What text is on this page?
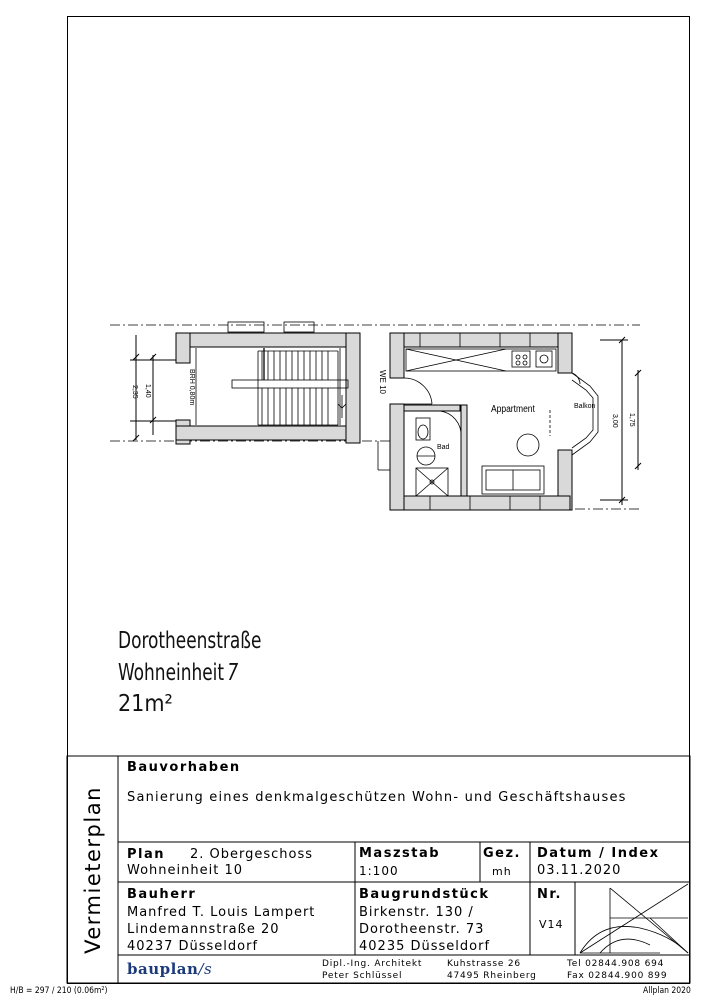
Appartment	Balkon
Bad
WE 10
BRH 0,80m
2,35 1,40
3,00 1,75
Dorotheenstraße
Wohneinheit 7
21m²
Vermieterplan
Bauvorhaben
Sanierung eines denkmalgeschützen Wohn- und Geschäftshauses
Plan 2. Obergeschoss
Wohneinheit 10
Maszstab
1:100
Gez.
mh
Datum / Index
03.11.2020
Bauherr
Manfred T. Louis Lampert
Lindemannstraße 20
40237 Düsseldorf
Baugrundstück
Birkenstr. 130 /
Dorotheenstr. 73
40235 Düsseldorf
Nr.
V14
bauplan/s	Dipl.-Ing. Architekt
Peter Schlüssel
Kuhstrasse 26
47495 Rheinberg
Tel 02844.908 694
Fax 02844.900 899
H/B = 297 / 210 (0.06m²)	Allplan 2020
